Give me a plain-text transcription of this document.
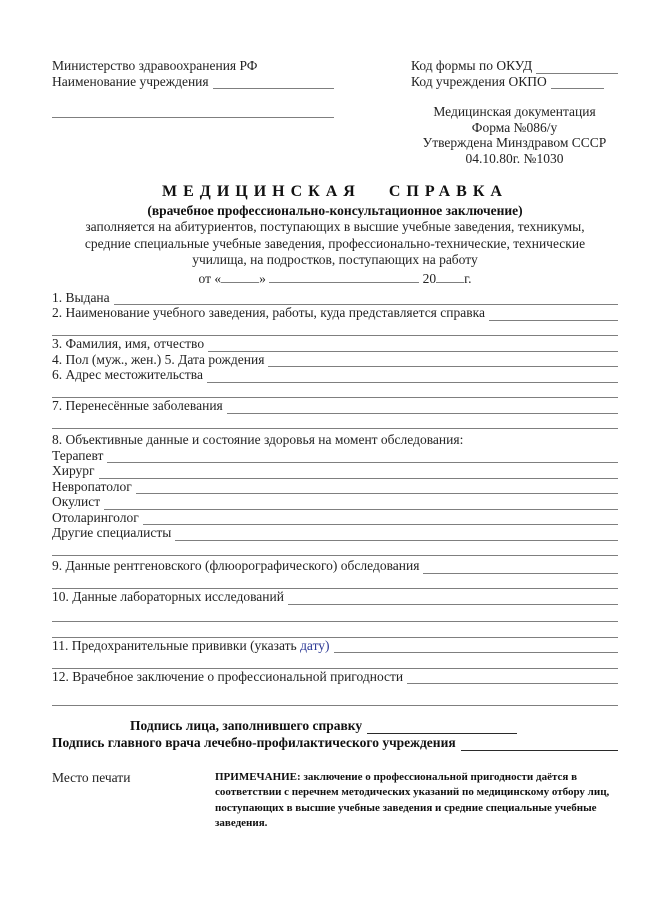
Министерство здравоохранения РФ
Наименование учреждения
Код формы по ОКУД
Код учреждения ОКПО
Медицинская документация
Форма №086/у
Утверждена Минздравом СССР
04.10.80г. №1030
МЕДИЦИНСКАЯ СПРАВКА
(врачебное профессионально-консультационное заключение)
заполняется на абитуриентов, поступающих в высшие учебные заведения, техникумы,
средние специальные учебные заведения, профессионально-технические, технические
училища, на подростков, поступающих на работу
от «	»	20 г.
1. Выдана
2. Наименование учебного заведения, работы, куда представляется справка
3. Фамилия, имя, отчество
4. Пол (муж., жен.) 5. Дата рождения
6. Адрес местожительства
7. Перенесённые заболевания
8. Объективные данные и состояние здоровья на момент обследования:
Терапевт
Хирург
Невропатолог
Окулист
Отоларинголог
Другие специалисты
9. Данные рентгеновского (флюорографического) обследования
10. Данные лабораторных исследований
11. Предохранительные прививки (указать дату)
12. Врачебное заключение о профессиональной пригодности
Подпись лица, заполнившего справку
Подпись главного врача лечебно-профилактического учреждения
Место печати	ПРИМЕЧАНИЕ: заключение о профессиональной пригодности даётся в соответствии с перечнем методических указаний по медицинскому отбору лиц, поступающих в высшие учебные заведения и средние специальные учебные заведения.
